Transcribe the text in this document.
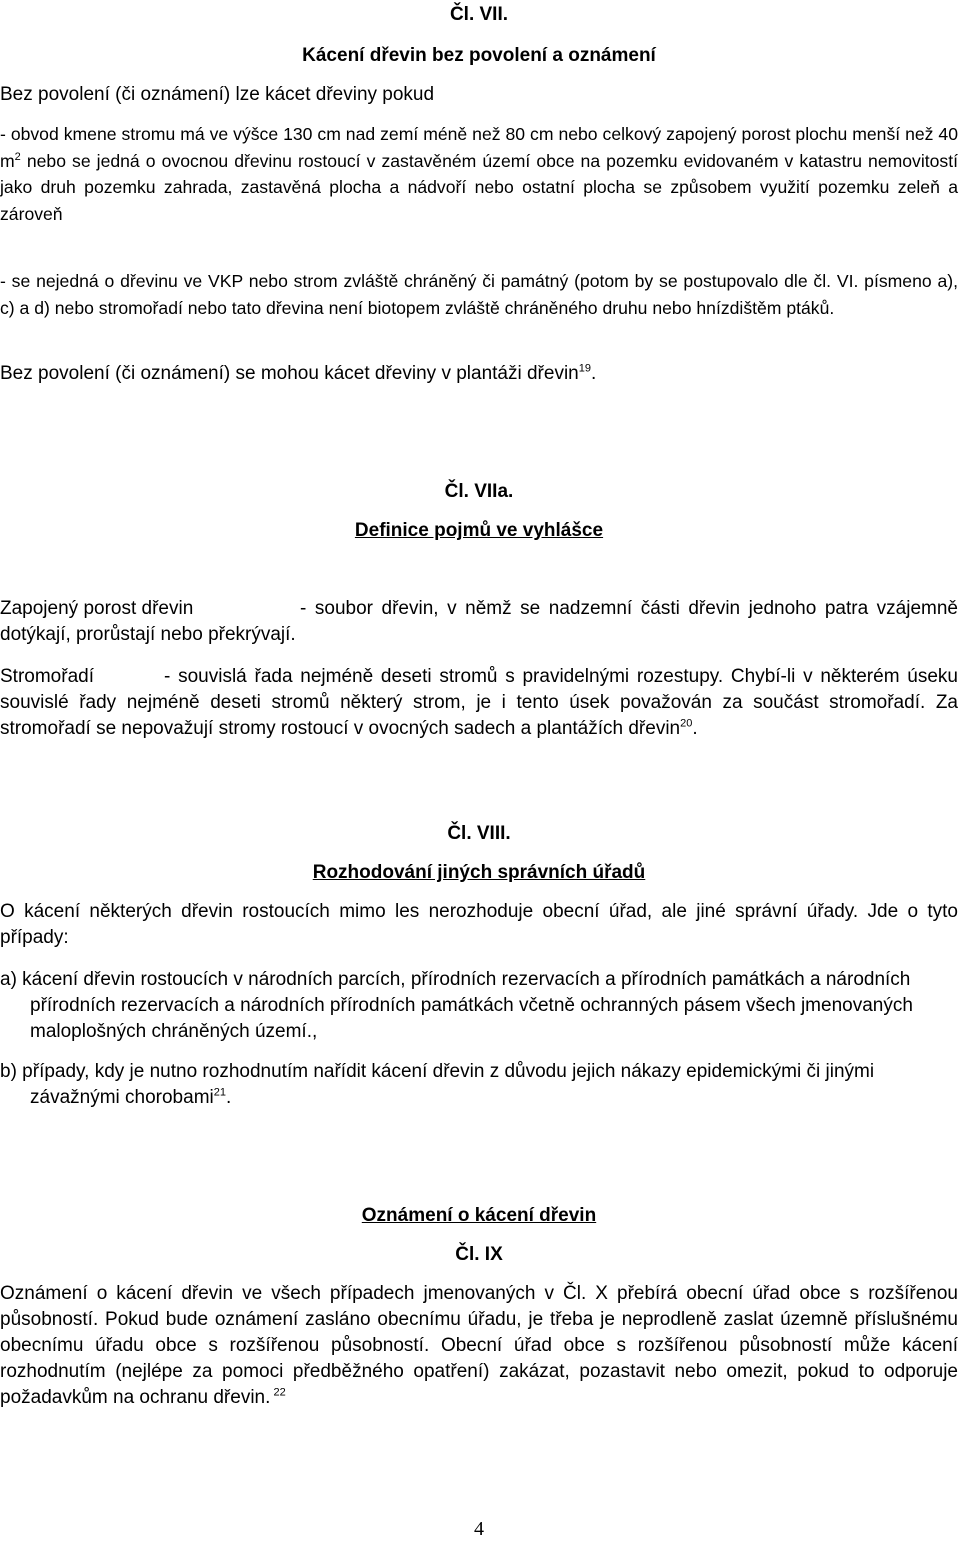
Čl. VII.
Kácení dřevin bez povolení a oznámení
Bez povolení (či oznámení) lze kácet dřeviny pokud

- obvod kmene stromu má ve výšce 130 cm nad zemí méně než 80 cm nebo celkový zapojený porost plochu menší než 40 $m^2$ nebo se jedná o ovocnou dřevinu rostoucí v zastavěném území obce na pozemku evidovaném v katastru nemovitostí jako druh pozemku zahrada, zastavěná plocha a nádvoří nebo ostatní plocha se způsobem využití pozemku zeleň a zároveň

- se nejedná o dřevinu ve VKP nebo strom zvláště chráněný či památný (potom by se postupovalo dle čl. VI. písmeno a), c) a d) nebo stromořadí nebo tato dřevina není biotopem zvláště chráněného druhu nebo hnízdištěm ptáků.

Bez povolení (či oznámení) se mohou kácet dřeviny v plantáži dřevin$^{19}$.

Čl. VIIa.
Definice pojmů ve vyhlášce

Zapojený porost dřevin	- soubor dřevin, v němž se nadzemní části dřevin jednoho patra vzájemně dotýkají, prorůstají nebo překrývají.

Stromořadí	- souvislá řada nejméně deseti stromů s pravidelnými rozestupy. Chybí-li v některém úseku souvislé řady nejméně deseti stromů některý strom, je i tento úsek považován za součást stromořadí. Za stromořadí se nepovažují stromy rostoucí v ovocných sadech a plantážích dřevin$^{20}$.

Čl. VIII.
Rozhodování jiných správních úřadů

O kácení některých dřevin rostoucích mimo les nerozhoduje obecní úřad, ale jiné správní úřady. Jde o tyto případy:

a) kácení dřevin rostoucích v národních parcích, přírodních rezervacích a přírodních památkách a národních přírodních rezervacích a národních přírodních památkách včetně ochranných pásem všech jmenovaných maloplošných chráněných území.,

b) případy, kdy je nutno rozhodnutím nařídit kácení dřevin z důvodu jejich nákazy epidemickými či jinými závažnými chorobami$^{21}$.

Oznámení o kácení dřevin
Čl. IX

Oznámení o kácení dřevin ve všech případech jmenovaných v Čl. X přebírá obecní úřad obce s rozšířenou působností. Pokud bude oznámení zasláno obecnímu úřadu, je třeba je neprodleně zaslat územně příslušnému obecnímu úřadu obce s rozšířenou působností. Obecní úřad obce s rozšířenou působností může kácení rozhodnutím (nejlépe za pomoci předběžného opatření) zakázat, pozastavit nebo omezit, pokud to odporuje požadavkům na ochranu dřevin. $^{22}$

4
